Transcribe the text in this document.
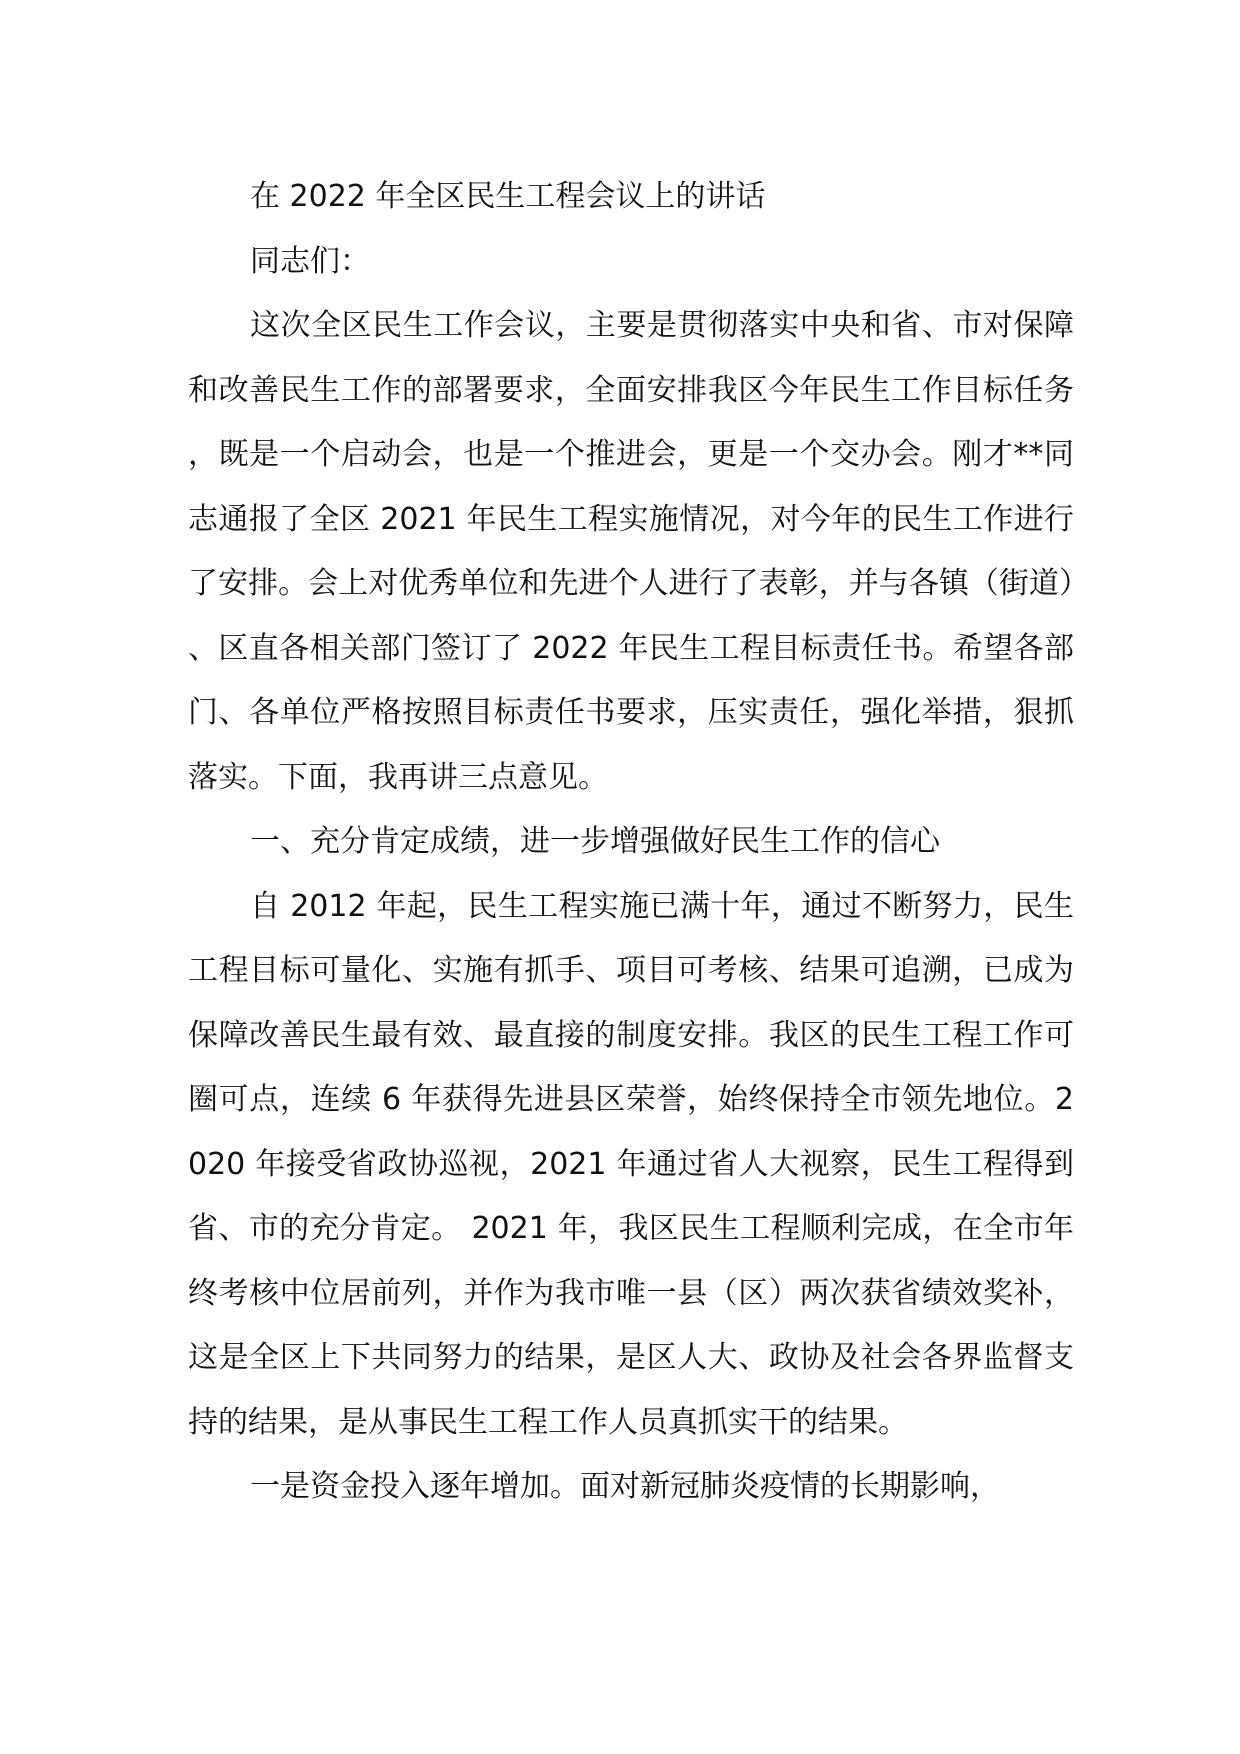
在 2022 年全区民生工程会议上的讲话

同志们：

这次全区民生工作会议，主要是贯彻落实中央和省、市对保障和改善民生工作的部署要求，全面安排我区今年民生工作目标任务，既是一个启动会，也是一个推进会，更是一个交办会。刚才**同志通报了全区 2021 年民生工程实施情况，对今年的民生工作进行了安排。会上对优秀单位和先进个人进行了表彰，并与各镇（街道）、区直各相关部门签订了 2022 年民生工程目标责任书。希望各部门、各单位严格按照目标责任书要求，压实责任，强化举措，狠抓落实。下面，我再讲三点意见。

一、充分肯定成绩，进一步增强做好民生工作的信心

自 2012 年起，民生工程实施已满十年，通过不断努力，民生工程目标可量化、实施有抓手、项目可考核、结果可追溯，已成为保障改善民生最有效、最直接的制度安排。我区的民生工程工作可圈可点，连续 6 年获得先进县区荣誉，始终保持全市领先地位。2020 年接受省政协巡视，2021 年通过省人大视察，民生工程得到省、市的充分肯定。 2021 年，我区民生工程顺利完成，在全市年终考核中位居前列，并作为我市唯一县（区）两次获省绩效奖补，这是全区上下共同努力的结果，是区人大、政协及社会各界监督支持的结果，是从事民生工程工作人员真抓实干的结果。

一是资金投入逐年增加。面对新冠肺炎疫情的长期影响，
